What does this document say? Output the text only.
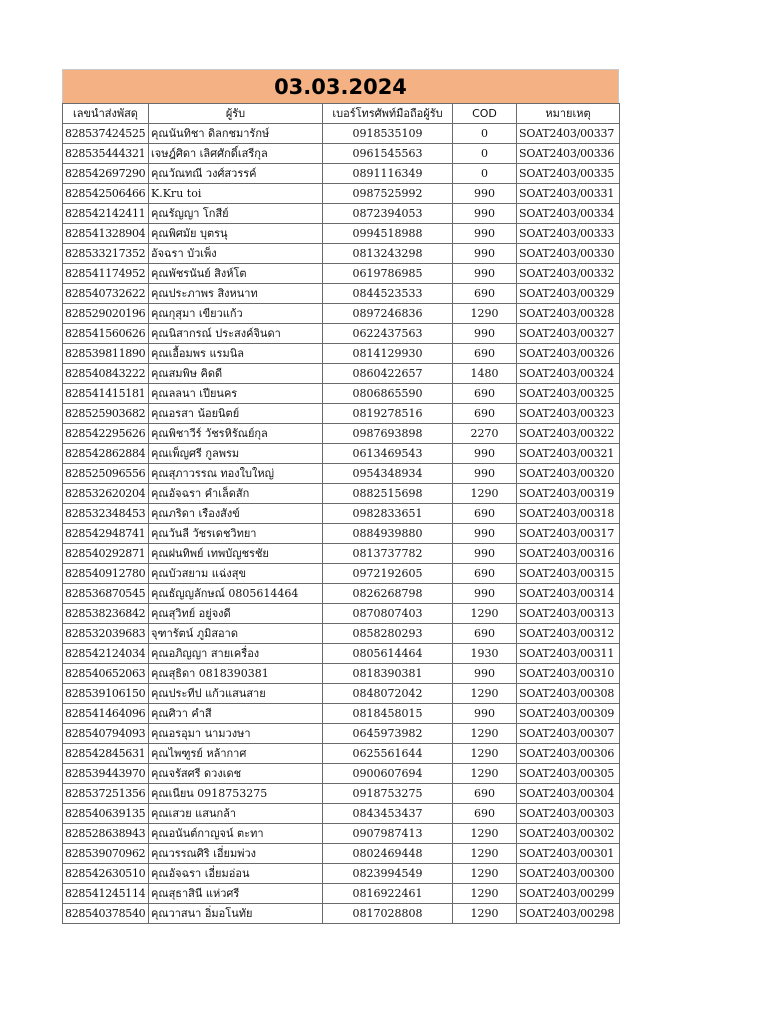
03.03.2024
เลขนำส่งพัสดุ	ผู้รับ	เบอร์โทรศัพท์มือถือผู้รับ	COD	หมายเหตุ
828537424525	คุณนันทิชา ดิลกชมารักษ์	0918535109	0	SOAT2403/00337
828535444321	เจษฎ์ศิดา เลิศศักดิ์เสรีกุล	0961545563	0	SOAT2403/00336
828542697290	คุณวัณทณี วงศ์สวรรค์	0891116349	0	SOAT2403/00335
828542506466	K.Kru toi	0987525992	990	SOAT2403/00331
828542142411	คุณรัญญา โกสีย์	0872394053	990	SOAT2403/00334
828541328904	คุณพิศมัย บุตรนุ	0994518988	990	SOAT2403/00333
828533217352	อัจฉรา บัวเพ็ง	0813243298	990	SOAT2403/00330
828541174952	คุณพัชรนันย์ สิงห์โต	0619786985	990	SOAT2403/00332
828540732622	คุณประภาพร สิงหนาท	0844523533	690	SOAT2403/00329
828529020196	คุณกุสุมา เขียวแก้ว	0897246836	1290	SOAT2403/00328
828541560626	คุณนิสากรณ์ ประสงค์จินดา	0622437563	990	SOAT2403/00327
828539811890	คุณเอื้อมพร แรมนิล	0814129930	690	SOAT2403/00326
828540843222	คุณสมพิษ คิดดี	0860422657	1480	SOAT2403/00324
828541415181	คุณลลนา เปียนคร	0806865590	690	SOAT2403/00325
828525903682	คุณอรสา น้อยนิตย์	0819278516	690	SOAT2403/00323
828542295626	คุณพิชาวีร์ วัชรหิรัณย์กุล	0987693898	2270	SOAT2403/00322
828542862884	คุณเพ็ญศรี กูลพรม	0613469543	990	SOAT2403/00321
828525096556	คุณสุภาวรรณ ทองใบใหญ่	0954348934	990	SOAT2403/00320
828532620204	คุณอัจฉรา คำเล็ดสัก	0882515698	1290	SOAT2403/00319
828532348453	คุณภริดา เรืองสังข์	0982833651	690	SOAT2403/00318
828542948741	คุณวันลี วัชรเดชวิทยา	0884939880	990	SOAT2403/00317
828540292871	คุณฝนทิพย์ เทพบัญชรชัย	0813737782	990	SOAT2403/00316
828540912780	คุณบัวสยาม แฉ่งสุข	0972192605	690	SOAT2403/00315
828536870545	คุณธัญญลักษณ์ 0805614464	0826268798	990	SOAT2403/00314
828538236842	คุณสุวิทย์ อยู่จงดี	0870807403	1290	SOAT2403/00313
828532039683	จุฑารัตน์ ภูมิสอาด	0858280293	690	SOAT2403/00312
828542124034	คุณอภิญญา สายเครื่อง	0805614464	1930	SOAT2403/00311
828540652063	คุณสุธิดา 0818390381	0818390381	990	SOAT2403/00310
828539106150	คุณประทีป แก้วแสนสาย	0848072042	1290	SOAT2403/00308
828541464096	คุณศิวา คำสี	0818458015	990	SOAT2403/00309
828540794093	คุณอรอุมา นามวงษา	0645973982	1290	SOAT2403/00307
828542845631	คุณไพฑูรย์ หล้ากาศ	0625561644	1290	SOAT2403/00306
828539443970	คุณจรัสศรี ดวงเดช	0900607694	1290	SOAT2403/00305
828537251356	คุณเนียน 0918753275	0918753275	690	SOAT2403/00304
828540639135	คุณเสวย แสนกล้า	0843453437	690	SOAT2403/00303
828528638943	คุณอนันต์กาญจน์ ตะทา	0907987413	1290	SOAT2403/00302
828539070962	คุณวรรณศิริ เอี่ยมพ่วง	0802469448	1290	SOAT2403/00301
828542630510	คุณอัจฉรา เอี่ยมอ่อน	0823994549	1290	SOAT2403/00300
828541245114	คุณสุธาสินี แห่วศรี	0816922461	1290	SOAT2403/00299
828540378540	คุณวาสนา อิ่มอโนทัย	0817028808	1290	SOAT2403/00298
